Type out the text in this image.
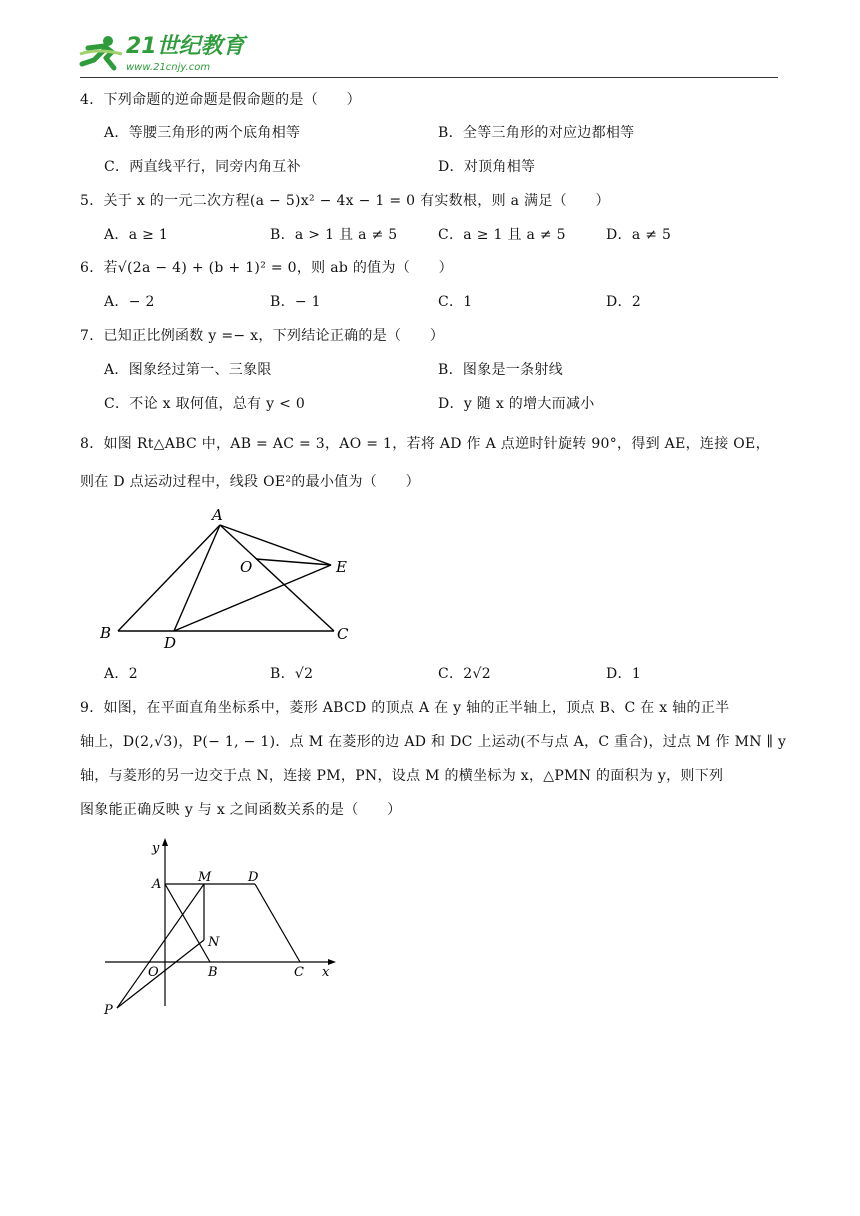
21世纪教育
www.21cnjy.com
4．下列命题的逆命题是假命题的是（　　）
A．等腰三角形的两个底角相等	B．全等三角形的对应边都相等
C．两直线平行，同旁内角互补	D．对顶角相等
5．关于 x 的一元二次方程(a − 5)x² − 4x − 1 = 0 有实数根，则 a 满足（　　）
A．a ≥ 1	B．a > 1 且 a ≠ 5	C．a ≥ 1 且 a ≠ 5	D．a ≠ 5
6．若√(2a − 4) + (b + 1)² = 0，则 ab 的值为（　　）
A．− 2	B．− 1	C．1	D．2
7．已知正比例函数 y =− x，下列结论正确的是（　　）
A．图象经过第一、三象限	B．图象是一条射线
C．不论 x 取何值，总有 y < 0	D．y 随 x 的增大而减小
8．如图 Rt△ABC 中，AB = AC = 3，AO = 1，若将 AD 作 A 点逆时针旋转 90°，得到 AE，连接 OE，
则在 D 点运动过程中，线段 OE²的最小值为（　　）
A
O	E
B
D	C
A．2	B．√2	C．2√2	D．1
9．如图，在平面直角坐标系中，菱形 ABCD 的顶点 A 在 y 轴的正半轴上，顶点 B、C 在 x 轴的正半
轴上，D(2,√3)，P(− 1, − 1)．点 M 在菱形的边 AD 和 DC 上运动(不与点 A，C 重合)，过点 M 作 MN ∥ y
轴，与菱形的另一边交于点 N，连接 PM，PN，设点 M 的横坐标为 x，△PMN 的面积为 y，则下列
图象能正确反映 y 与 x 之间函数关系的是（　　）
y
x
A	M	D
N
O	B	C
P
